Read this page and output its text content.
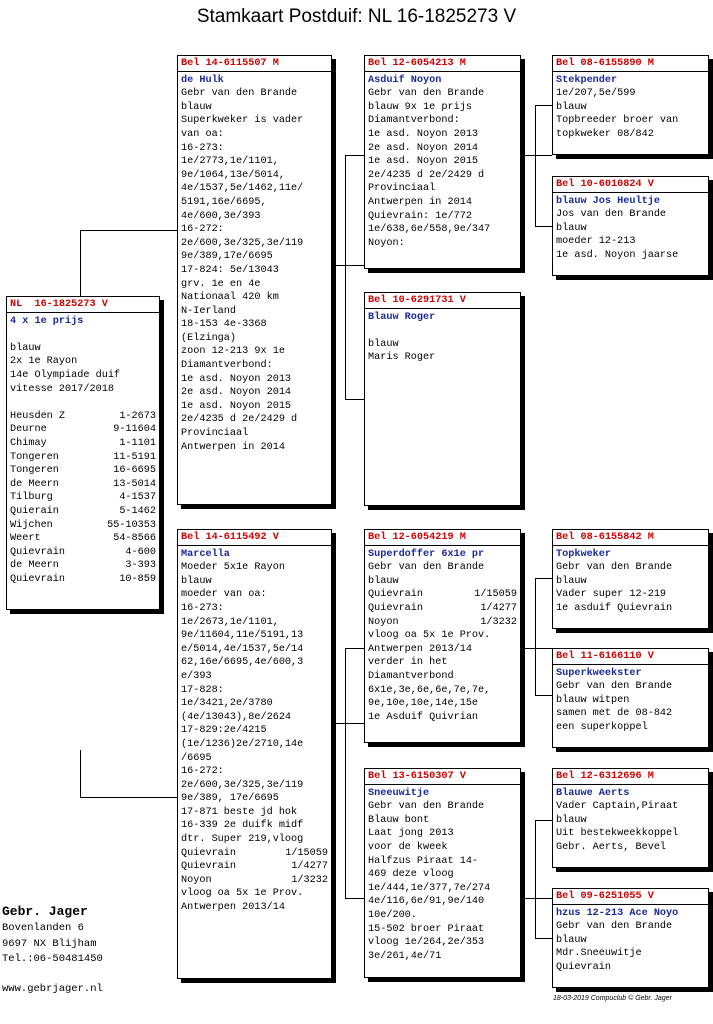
Stamkaart Postduif: NL 16-1825273 V
NL  16-1825273 V
4 x 1e prijs

blauw
2x 1e Rayon
14e Olympiade duif
vitesse 2017/2018

Heusden Z	1-2673
Deurne	9-11604
Chimay	1-1101
Tongeren	11-5191
Tongeren	16-6695
de Meern	13-5014
Tilburg	4-1537
Quierain	5-1462
Wijchen	55-10353
Weert	54-8566
Quievrain	4-600
de Meern	3-393
Quievrain	10-859
Bel 14-6115507 M
de Hulk
Gebr van den Brande
blauw
Superkweker is vader
van oa:
16-273:
1e/2773,1e/1101,
9e/1064,13e/5014,
4e/1537,5e/1462,11e/
5191,16e/6695,
4e/600,3e/393
16-272:
2e/600,3e/325,3e/119
9e/389,17e/6695
17-824: 5e/13043
grv. 1e en 4e
Nationaal 420 km
N-Ierland
18-153 4e-3368
(Elzinga)
zoon 12-213 9x 1e
Diamantverbond:
1e asd. Noyon 2013
2e asd. Noyon 2014
1e asd. Noyon 2015
2e/4235 d 2e/2429 d
Provinciaal
Antwerpen in 2014
Bel 14-6115492 V
Marcella
Moeder 5x1e Rayon
blauw
moeder van oa:
16-273:
1e/2673,1e/1101,
9e/11604,11e/5191,13
e/5014,4e/1537,5e/14
62,16e/6695,4e/600,3
e/393
17-828:
1e/3421,2e/3780
(4e/13043),8e/2624
17-829:2e/4215
(1e/1236)2e/2710,14e
/6695
16-272:
2e/600,3e/325,3e/119
9e/389, 17e/6695
17-871 beste jd hok
16-339 2e duifk midf
dtr. Super 219,vloog
Quievrain	1/15059
Quievrain	1/4277
Noyon	1/3232
vloog oa 5x 1e Prov.
Antwerpen 2013/14
Bel 12-6054213 M
Asduif Noyon
Gebr van den Brande
blauw 9x 1e prijs
Diamantverbond:
1e asd. Noyon 2013
2e asd. Noyon 2014
1e asd. Noyon 2015
2e/4235 d 2e/2429 d
Provinciaal
Antwerpen in 2014
Quievrain: 1e/772
1e/638,6e/558,9e/347
Noyon:
Bel 10-6291731 V
Blauw Roger

blauw
Maris Roger
Bel 12-6054219 M
Superdoffer 6x1e pr
Gebr van den Brande
blauw
Quievrain	1/15059
Quievrain	1/4277
Noyon	1/3232
vloog oa 5x 1e Prov.
Antwerpen 2013/14
verder in het
Diamantverbond
6x1e,3e,6e,6e,7e,7e,
9e,10e,10e,14e,15e
1e Asduif Quivrian
Bel 13-6150307 V
Sneeuwitje
Gebr van den Brande
Blauw bont
Laat jong 2013
voor de kweek
Halfzus Piraat 14-
469 deze vloog
1e/444,1e/377,7e/274
4e/116,6e/91,9e/140
10e/200.
15-502 broer Piraat
vloog 1e/264,2e/353
3e/261,4e/71
Bel 08-6155890 M
Stekpender
1e/207,5e/599
blauw
Topbreeder broer van
topkweker 08/842
Bel 10-6010824 V
blauw Jos Heultje
Jos van den Brande
blauw
moeder 12-213
1e asd. Noyon jaarse
Bel 08-6155842 M
Topkweker
Gebr van den Brande
blauw
Vader super 12-219
1e asduif Quievrain
Bel 11-6166110 V
Superkweekster
Gebr van den Brande
blauw witpen
samen met de 08-842
een superkoppel
Bel 12-6312696 M
Blauwe Aerts
Vader Captain,Piraat
blauw
Uit bestekweekkoppel
Gebr. Aerts, Bevel
Bel 09-6251055 V
hzus 12-213 Ace Noyo
Gebr van den Brande
blauw
Mdr.Sneeuwitje
Quievrain
Gebr. Jager
Bovenlanden 6
9697 NX Blijham
Tel.:06-50481450
www.gebrjager.nl
18-03-2019 Compuclub © Gebr. Jager
